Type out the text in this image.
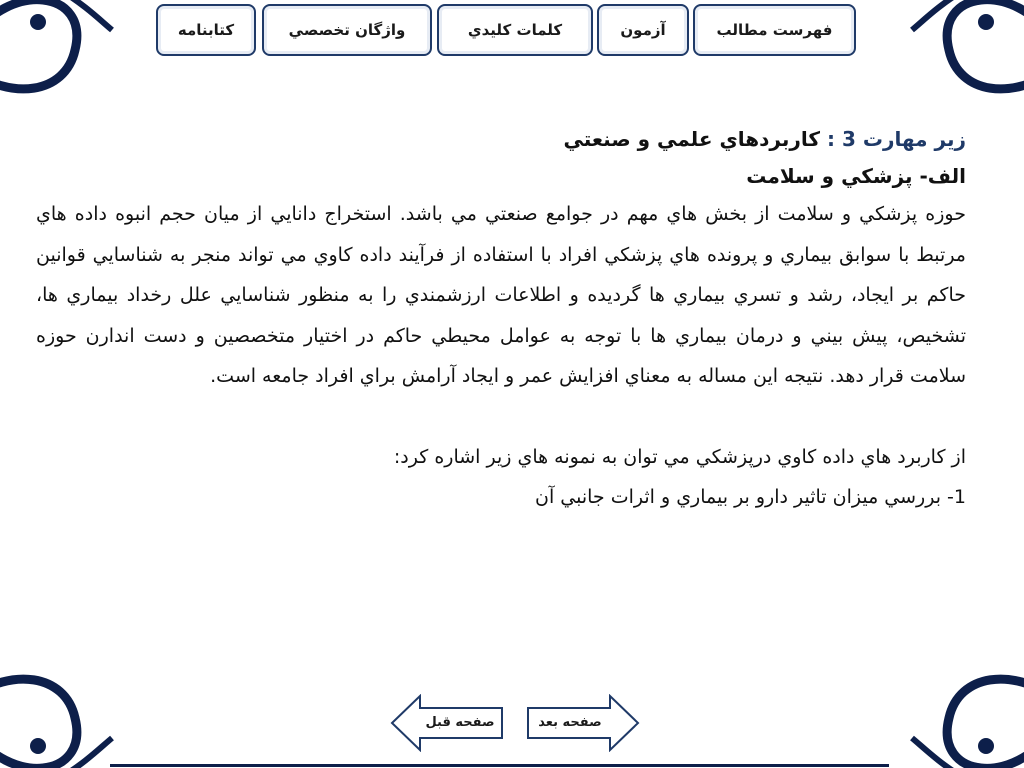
كتابنامه	واژگان تخصصي	كلمات كليدي	آزمون	فهرست مطالب

زير مهارت 3 : كاربردهاي علمي و صنعتي

الف- پزشكي و سلامت

حوزه پزشكي و سلامت از بخش هاي مهم در جوامع صنعتي مي باشد. استخراج دانايي از ميان حجم انبوه داده هاي مرتبط با سوابق بيماري و پرونده هاي پزشكي افراد با استفاده از فرآيند داده كاوي مي تواند منجر به شناسايي قوانين حاكم بر ايجاد، رشد و تسري بيماري ها گرديده و اطلاعات ارزشمندي را به منظور شناسايي علل رخداد بيماري ها، تشخيص، پيش بيني و درمان بيماري ها با توجه به عوامل محيطي حاكم در اختيار متخصصين و دست اندارن حوزه سلامت قرار دهد. نتيجه اين مساله به معناي افزايش عمر و ايجاد آرامش براي افراد جامعه است.

از كاربرد هاي داده كاوي درپزشكي مي توان به نمونه هاي زير اشاره كرد:

1- بررسي ميزان تاثير دارو بر بيماري و اثرات جانبي آن

صفحه قبل	صفحه بعد
